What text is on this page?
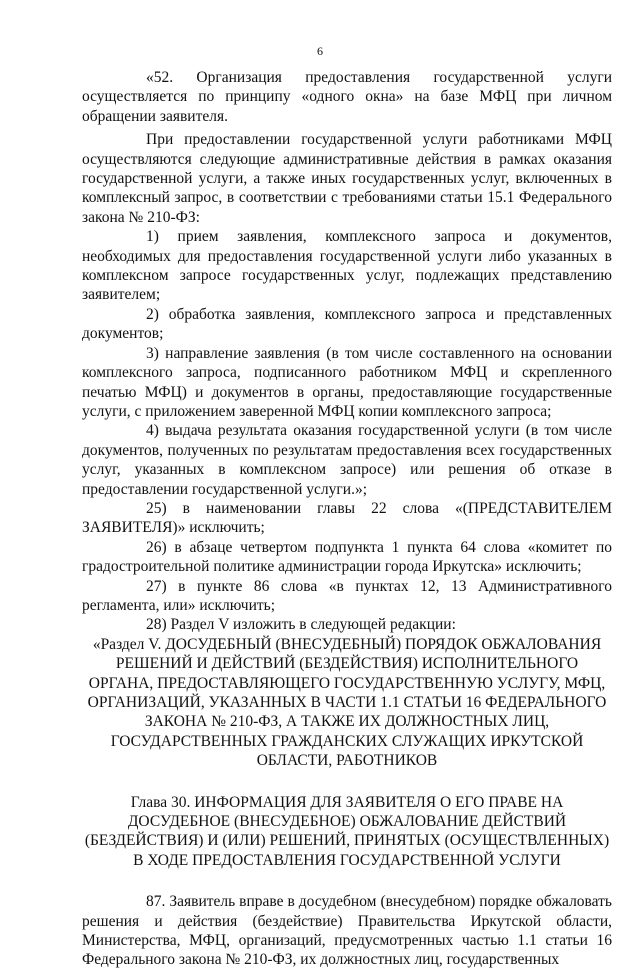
6

«52. Организация предоставления государственной услуги осуществляется по принципу «одного окна» на базе МФЦ при личном обращении заявителя.

При предоставлении государственной услуги работниками МФЦ осуществляются следующие административные действия в рамках оказания государственной услуги, а также иных государственных услуг, включенных в комплексный запрос, в соответствии с требованиями статьи 15.1 Федерального закона № 210-ФЗ:

1) прием заявления, комплексного запроса и документов, необходимых для предоставления государственной услуги либо указанных в комплексном запросе государственных услуг, подлежащих представлению заявителем;

2) обработка заявления, комплексного запроса и представленных документов;

3) направление заявления (в том числе составленного на основании комплексного запроса, подписанного работником МФЦ и скрепленного печатью МФЦ) и документов в органы, предоставляющие государственные услуги, с приложением заверенной МФЦ копии комплексного запроса;

4) выдача результата оказания государственной услуги (в том числе документов, полученных по результатам предоставления всех государственных услуг, указанных в комплексном запросе) или решения об отказе в предоставлении государственной услуги.»;

25) в наименовании главы 22 слова «(ПРЕДСТАВИТЕЛЕМ ЗАЯВИТЕЛЯ)» исключить;

26) в абзаце четвертом подпункта 1 пункта 64 слова «комитет по градостроительной политике администрации города Иркутска» исключить;

27) в пункте 86 слова «в пунктах 12, 13 Административного регламента, или» исключить;

28) Раздел V изложить в следующей редакции:

«Раздел V. ДОСУДЕБНЫЙ (ВНЕСУДЕБНЫЙ) ПОРЯДОК ОБЖАЛОВАНИЯ РЕШЕНИЙ И ДЕЙСТВИЙ (БЕЗДЕЙСТВИЯ) ИСПОЛНИТЕЛЬНОГО ОРГАНА, ПРЕДОСТАВЛЯЮЩЕГО ГОСУДАРСТВЕННУЮ УСЛУГУ, МФЦ, ОРГАНИЗАЦИЙ, УКАЗАННЫХ В ЧАСТИ 1.1 СТАТЬИ 16 ФЕДЕРАЛЬНОГО ЗАКОНА № 210-ФЗ, А ТАКЖЕ ИХ ДОЛЖНОСТНЫХ ЛИЦ, ГОСУДАРСТВЕННЫХ ГРАЖДАНСКИХ СЛУЖАЩИХ ИРКУТСКОЙ ОБЛАСТИ, РАБОТНИКОВ
Глава 30. ИНФОРМАЦИЯ ДЛЯ ЗАЯВИТЕЛЯ О ЕГО ПРАВЕ НА ДОСУДЕБНОЕ (ВНЕСУДЕБНОЕ) ОБЖАЛОВАНИЕ ДЕЙСТВИЙ (БЕЗДЕЙСТВИЯ) И (ИЛИ) РЕШЕНИЙ, ПРИНЯТЫХ (ОСУЩЕСТВЛЕННЫХ) В ХОДЕ ПРЕДОСТАВЛЕНИЯ ГОСУДАРСТВЕННОЙ УСЛУГИ

87. Заявитель вправе в досудебном (внесудебном) порядке обжаловать решения и действия (бездействие) Правительства Иркутской области, Министерства, МФЦ, организаций, предусмотренных частью 1.1 статьи 16 Федерального закона № 210-ФЗ, их должностных лиц, государственных
